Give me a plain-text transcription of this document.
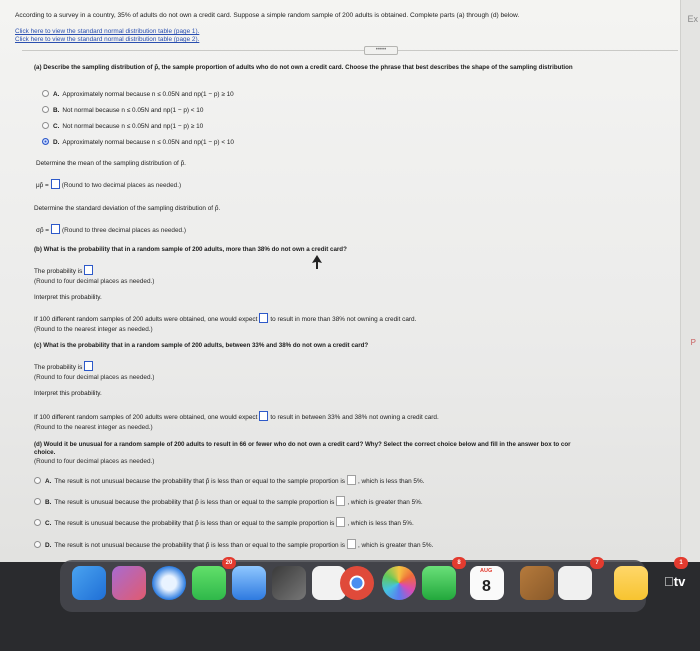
Ex
P
According to a survey in a country, 35% of adults do not own a credit card. Suppose a simple random sample of 200 adults is obtained. Complete parts (a) through (d) below.
Click here to view the standard normal distribution table (page 1).
Click here to view the standard normal distribution table (page 2).
•••••
(a) Describe the sampling distribution of p̂, the sample proportion of adults who do not own a credit card. Choose the phrase that best describes the shape of the sampling distribution
A. Approximately normal because n ≤ 0.05N and np(1 − p) ≥ 10
B. Not normal because n ≤ 0.05N and np(1 − p) < 10
C. Not normal because n ≤ 0.05N and np(1 − p) ≥ 10
D. Approximately normal because n ≤ 0.05N and np(1 − p) < 10
Determine the mean of the sampling distribution of p̂.
μp̂ = (Round to two decimal places as needed.)
Determine the standard deviation of the sampling distribution of p̂.
σp̂ = (Round to three decimal places as needed.)
(b) What is the probability that in a random sample of 200 adults, more than 38% do not own a credit card?
The probability is
(Round to four decimal places as needed.)
Interpret this probability.
If 100 different random samples of 200 adults were obtained, one would expect to result in more than 38% not owning a credit card.
(Round to the nearest integer as needed.)
(c) What is the probability that in a random sample of 200 adults, between 33% and 38% do not own a credit card?
The probability is
(Round to four decimal places as needed.)
Interpret this probability.
If 100 different random samples of 200 adults were obtained, one would expect to result in between 33% and 38% not owning a credit card.
(Round to the nearest integer as needed.)
(d) Would it be unusual for a random sample of 200 adults to result in 66 or fewer who do not own a credit card? Why? Select the correct choice below and fill in the answer box to cor
choice.
(Round to four decimal places as needed.)
A. The result is not unusual because the probability that p̂ is less than or equal to the sample proportion is , which is less than 5%.
B. The result is unusual because the probability that p̂ is less than or equal to the sample proportion is , which is greater than 5%.
C. The result is unusual because the probability that p̂ is less than or equal to the sample proportion is , which is less than 5%.
D. The result is not unusual because the probability that p̂ is less than or equal to the sample proportion is , which is greater than 5%.
20	8
AUG
8
7	1
tv
